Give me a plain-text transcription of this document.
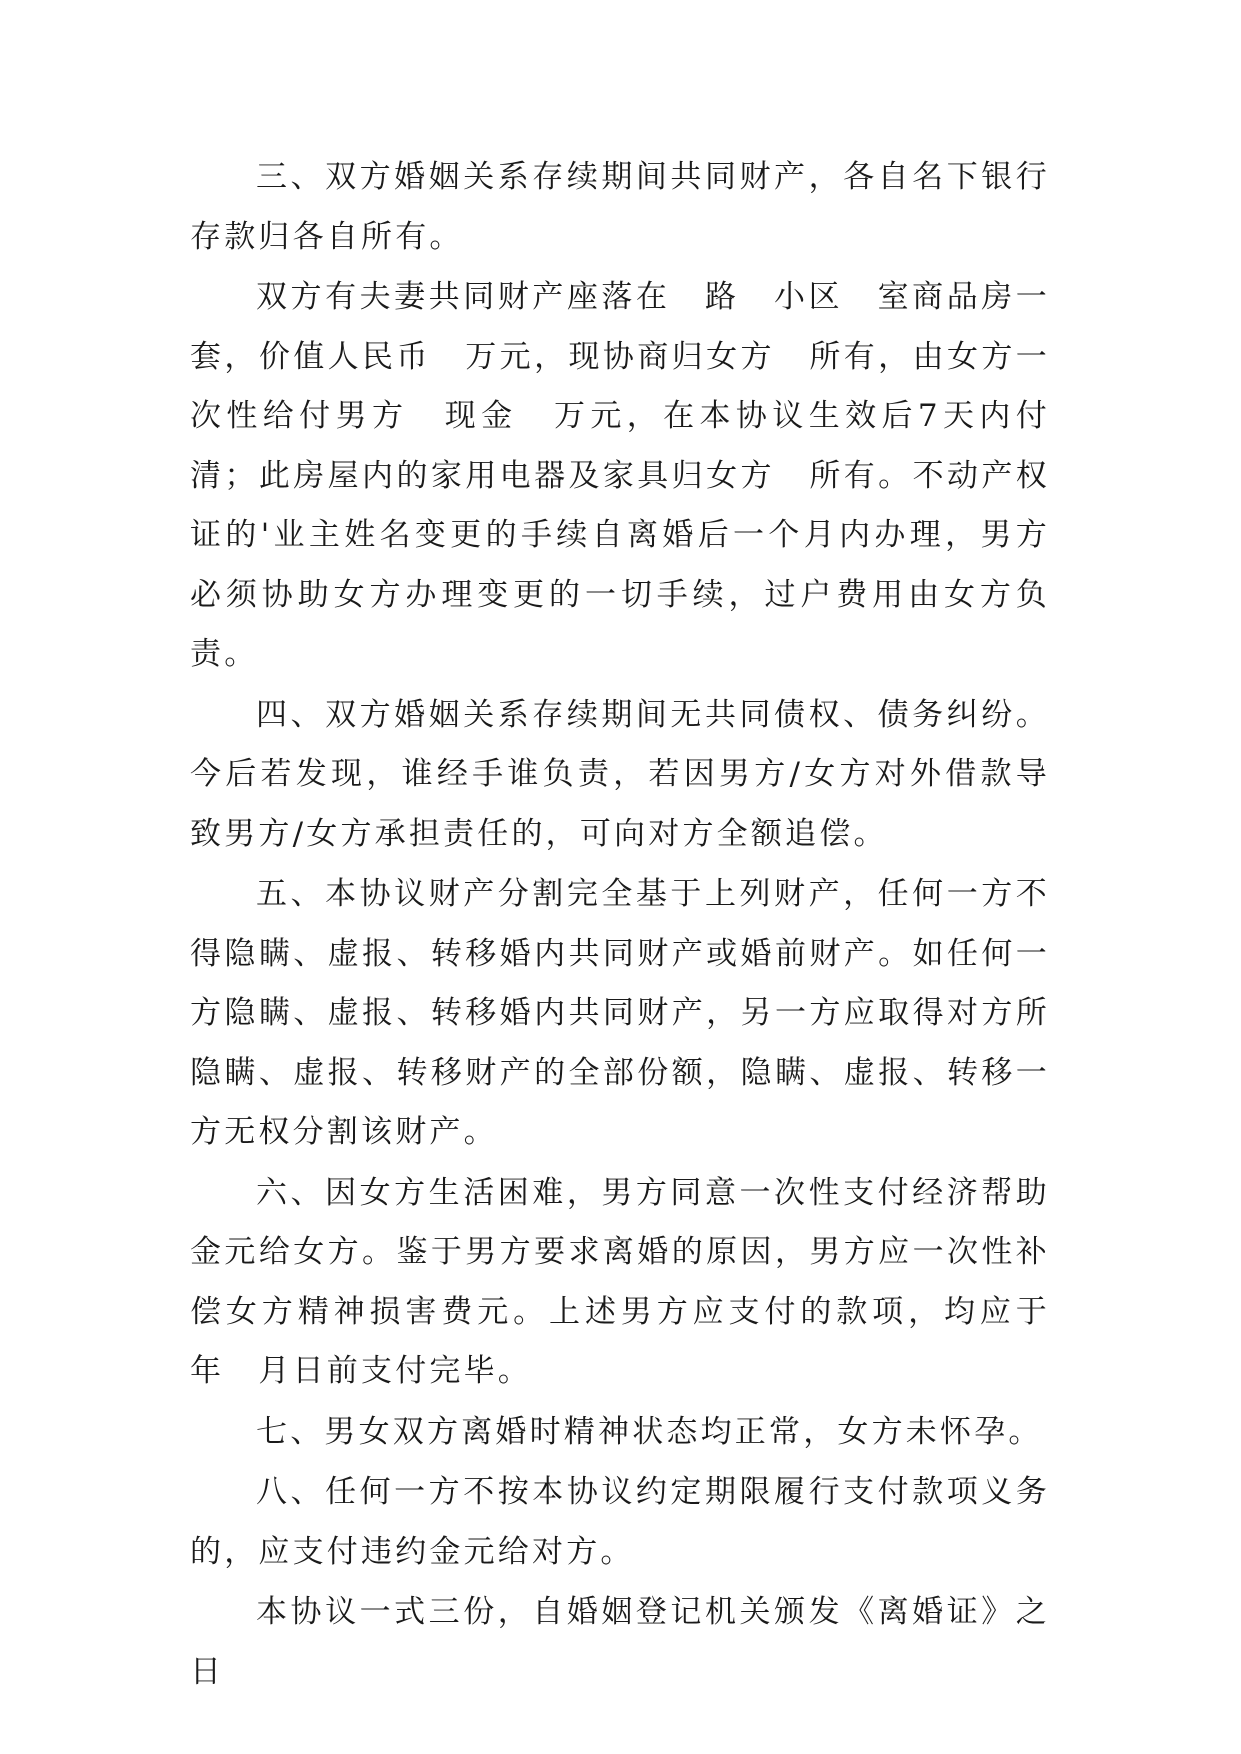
三、双方婚姻关系存续期间共同财产，各自名下银行存款归各自所有。

双方有夫妻共同财产座落在　路　小区　室商品房一套，价值人民币　万元，现协商归女方　所有，由女方一次性给付男方　现金　万元，在本协议生效后7天内付清；此房屋内的家用电器及家具归女方　所有。不动产权证的'业主姓名变更的手续自离婚后一个月内办理，男方必须协助女方办理变更的一切手续，过户费用由女方负责。

四、双方婚姻关系存续期间无共同债权、债务纠纷。今后若发现，谁经手谁负责，若因男方/女方对外借款导致男方/女方承担责任的，可向对方全额追偿。

五、本协议财产分割完全基于上列财产，任何一方不得隐瞒、虚报、转移婚内共同财产或婚前财产。如任何一方隐瞒、虚报、转移婚内共同财产，另一方应取得对方所隐瞒、虚报、转移财产的全部份额，隐瞒、虚报、转移一方无权分割该财产。

六、因女方生活困难，男方同意一次性支付经济帮助金元给女方。鉴于男方要求离婚的原因，男方应一次性补偿女方精神损害费元。上述男方应支付的款项，均应于　年　月日前支付完毕。

七、男女双方离婚时精神状态均正常，女方未怀孕。

八、任何一方不按本协议约定期限履行支付款项义务的，应支付违约金元给对方。

本协议一式三份，自婚姻登记机关颁发《离婚证》之日
